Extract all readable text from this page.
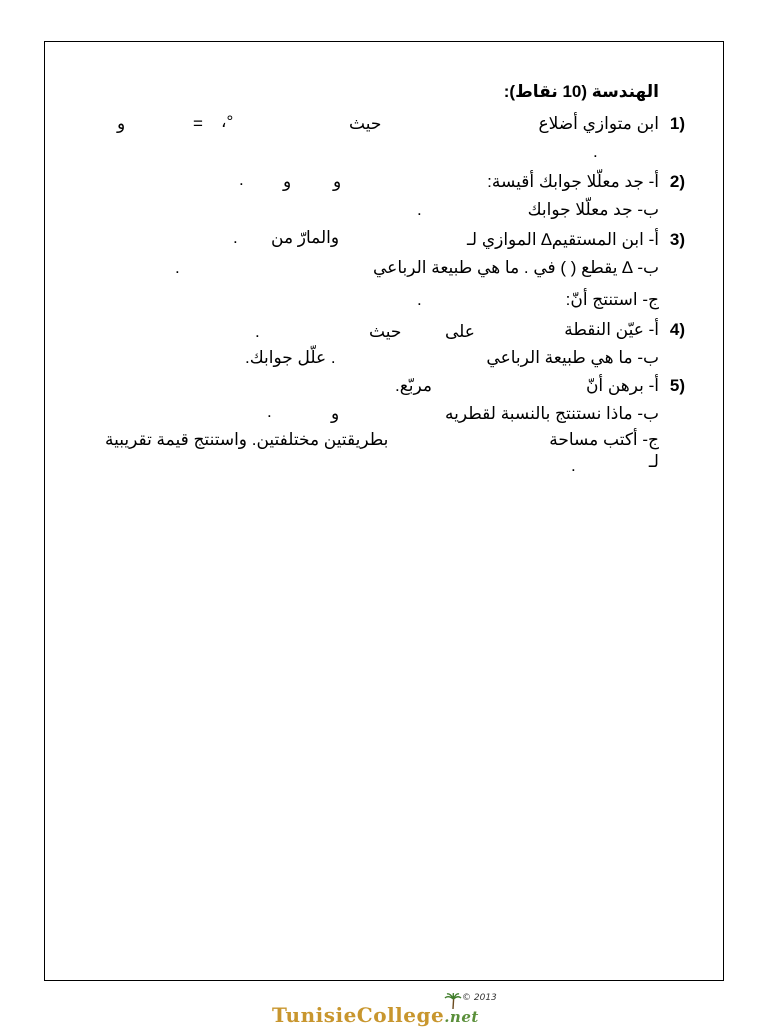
الهندسة (10 نقاط):
1)
ابن متوازي أضلاع
حيث
°،
=
و
.
2)
أ- جد معلّلا جوابك أقيسة:
و
و
.
ب- جد معلّلا جوابك
.
3)
أ- ابن المستقيم∆ الموازي لـ
والمارّ من
.
ب- ∆ يقطع ( ) في . ما هي طبيعة الرباعي
.
ج- استنتج أنّ:
.
4)
أ- عيّن النقطة
على
حيث
.
ب- ما هي طبيعة الرباعي
. علّل جوابك.
5)
أ- برهن أنّ
مربّع.
ب- ماذا نستنتج بالنسبة لقطريه
و
.
ج- أكتب مساحة
بطريقتين مختلفتين. واستنتج قيمة تقريبية
لـ
.
TunisieCollege.net
© 2013
